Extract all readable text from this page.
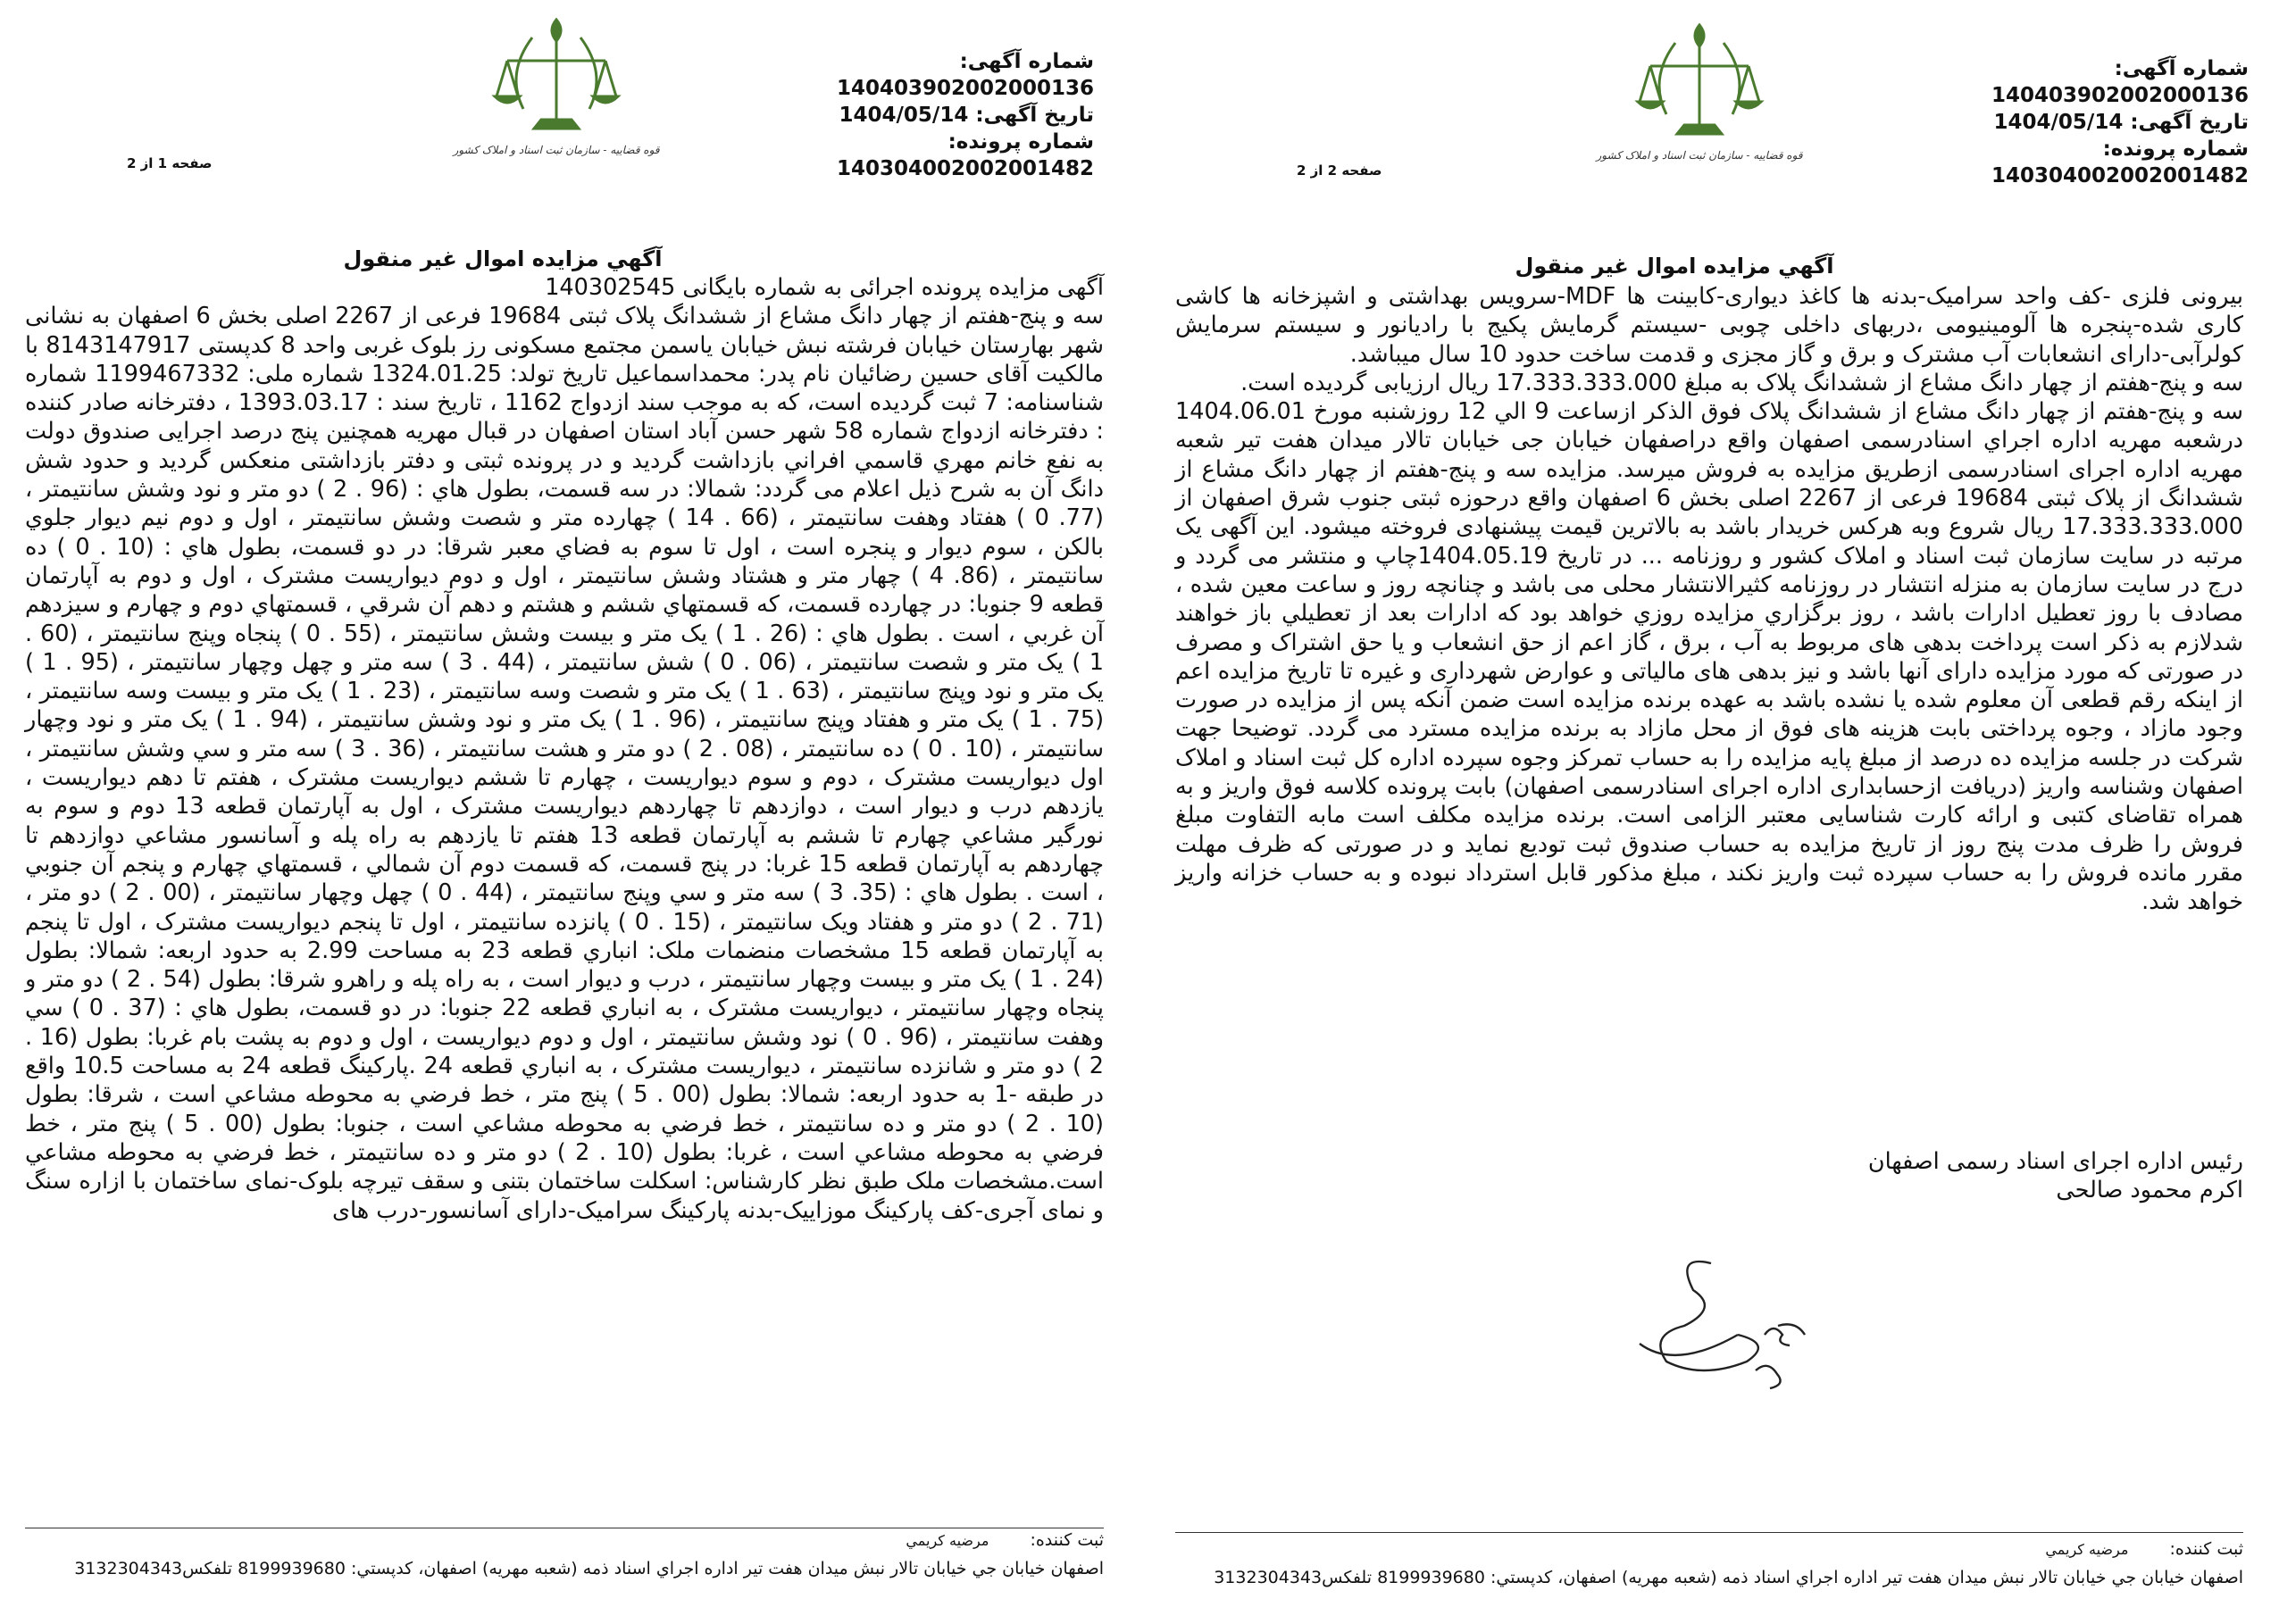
شماره آگهی: 140403902002000136
تاریخ آگهی: 1404/05/14
شماره پرونده: 140304002002001482
قوه قضاییه - سازمان ثبت اسناد و املاک کشور
صفحه 1 از 2
آگهي مزايده اموال غير منقول

آگهی مزايده پرونده اجرائی به شماره بايگانی 140302545

سه و پنج-هفتم از چهار دانگ مشاع از ششدانگ پلاک ثبتی 19684 فرعی از 2267 اصلی بخش 6 اصفهان به نشانی شهر بهارستان خیابان فرشته نبش خیابان یاسمن مجتمع مسکونی رز بلوک غربی واحد 8 کدپستی 8143147917 با مالکيت آقای حسين رضائيان نام پدر: محمداسماعيل تاريخ تولد: 1324.01.25 شماره ملی: 1199467332 شماره شناسنامه: 7 ثبت گرديده است، كه به موجب سند ازدواج 1162 ، تاريخ سند : 1393.03.17 ، دفترخانه صادر كننده : دفترخانه ازدواج شماره 58 شهر حسن آباد استان اصفهان در قبال مهريه همچنين پنج درصد اجرايی صندوق دولت به نفع خانم مهري قاسمي افراني بازداشت گرديد و در پرونده ثبتی و دفتر بازداشتی منعكس گرديد و حدود شش دانگ آن به شرح ذيل اعلام می گردد: شمالا: در سه قسمت، بطول هاي : (96 . 2 ) دو متر و نود وشش سانتيمتر ، (77. 0 ) هفتاد وهفت سانتيمتر ، (66 . 14 ) چهارده متر و شصت وشش سانتيمتر ، اول و دوم نيم ديوار جلوي بالكن ، سوم ديوار و پنجره است ، اول تا سوم به فضاي معبر شرقا: در دو قسمت، بطول هاي : (10 . 0 ) ده سانتيمتر ، (86. 4 ) چهار متر و هشتاد وشش سانتيمتر ، اول و دوم ديواريست مشترک ، اول و دوم به آپارتمان قطعه 9 جنوبا: در چهارده قسمت، كه قسمتهاي ششم و هشتم و دهم آن شرقي ، قسمتهاي دوم و چهارم و سيزدهم آن غربي ، است . بطول هاي : (26 . 1 ) يک متر و بيست وشش سانتيمتر ، (55 . 0 ) پنجاه وپنج سانتيمتر ، (60 . 1 ) يک متر و شصت سانتيمتر ، (06 . 0 ) شش سانتيمتر ، (44 . 3 ) سه متر و چهل وچهار سانتيمتر ، (95 . 1 ) يک متر و نود وپنج سانتيمتر ، (63 . 1 ) يک متر و شصت وسه سانتيمتر ، (23 . 1 ) يک متر و بيست وسه سانتيمتر ، (75 . 1 ) يک متر و هفتاد وپنج سانتيمتر ، (96 . 1 ) يک متر و نود وشش سانتيمتر ، (94 . 1 ) يک متر و نود وچهار سانتيمتر ، (10 . 0 ) ده سانتيمتر ، (08 . 2 ) دو متر و هشت سانتيمتر ، (36 . 3 ) سه متر و سي وشش سانتيمتر ، اول ديواريست مشترک ، دوم و سوم ديواريست ، چهارم تا ششم ديواريست مشترک ، هفتم تا دهم ديواريست ، يازدهم درب و ديوار است ، دوازدهم تا چهاردهم ديواريست مشترک ، اول به آپارتمان قطعه 13 دوم و سوم به نورگير مشاعي چهارم تا ششم به آپارتمان قطعه 13 هفتم تا يازدهم به راه پله و آسانسور مشاعي دوازدهم تا چهاردهم به آپارتمان قطعه 15 غربا: در پنج قسمت، كه قسمت دوم آن شمالي ، قسمتهاي چهارم و پنجم آن جنوبي ، است . بطول هاي : (35. 3 ) سه متر و سي وپنج سانتيمتر ، (44 . 0 ) چهل وچهار سانتيمتر ، (00 . 2 ) دو متر ، (71 . 2 ) دو متر و هفتاد ويک سانتيمتر ، (15 . 0 ) پانزده سانتيمتر ، اول تا پنجم ديواريست مشترک ، اول تا پنجم به آپارتمان قطعه 15 مشخصات منضمات ملک: انباري قطعه 23 به مساحت 2.99 به حدود اربعه: شمالا: بطول (24 . 1 ) يک متر و بيست وچهار سانتيمتر ، درب و ديوار است ، به راه پله و راهرو شرقا: بطول (54 . 2 ) دو متر و پنجاه وچهار سانتيمتر ، ديواريست مشترک ، به انباري قطعه 22 جنوبا: در دو قسمت، بطول هاي : (37 . 0 ) سي وهفت سانتيمتر ، (96 . 0 ) نود وشش سانتيمتر ، اول و دوم ديواريست ، اول و دوم به پشت بام غربا: بطول (16 . 2 ) دو متر و شانزده سانتيمتر ، ديواريست مشترک ، به انباري قطعه 24 .پاركينگ قطعه 24 به مساحت 10.5 واقع در طبقه -1 به حدود اربعه: شمالا: بطول (00 . 5 ) پنج متر ، خط فرضي به محوطه مشاعي است ، شرقا: بطول (10 . 2 ) دو متر و ده سانتيمتر ، خط فرضي به محوطه مشاعي است ، جنوبا: بطول (00 . 5 ) پنج متر ، خط فرضي به محوطه مشاعي است ، غربا: بطول (10 . 2 ) دو متر و ده سانتيمتر ، خط فرضي به محوطه مشاعي است.مشخصات ملک طبق نظر كارشناس: اسكلت ساختمان بتنی و سقف تيرچه بلوک-نمای ساختمان با ازاره سنگ و نمای آجری-كف پاركينگ موزاييک-بدنه پاركينگ سراميک-دارای آسانسور-درب های

ثبت كننده: مرضيه كريمي
اصفهان خيابان جي خيابان تالار نبش ميدان هفت تير اداره اجراي اسناد ذمه (شعبه مهريه) اصفهان، كدپستي: 8199939680 تلفكس3132304343
شماره آگهی: 140403902002000136
تاریخ آگهی: 1404/05/14
شماره پرونده: 140304002002001482
قوه قضاییه - سازمان ثبت اسناد و املاک کشور
صفحه 2 از 2
آگهي مزايده اموال غير منقول

بيرونی فلزی -كف واحد سراميک-بدنه ها كاغذ ديواری-كابينت ها MDF-سرويس بهداشتی و اشپزخانه ها كاشی كاری شده-پنجره ها آلومينيومی ،دربهای داخلی چوبی -سيستم گرمايش پكيج با راديانور و سيستم سرمايش كولرآبی-دارای انشعابات آب مشترک و برق و گاز مجزی و قدمت ساخت حدود 10 سال ميباشد.

سه و پنج-هفتم از چهار دانگ مشاع از ششدانگ پلاک به مبلغ 17.333.333.000 ريال ارزيابی گرديده است.

سه و پنج-هفتم از چهار دانگ مشاع از ششدانگ پلاک فوق الذكر ازساعت 9 الي 12 روزشنبه مورخ 1404.06.01 درشعبه مهريه اداره اجراي اسنادرسمی اصفهان واقع دراصفهان خيابان جی خيابان تالار ميدان هفت تير شعبه مهريه اداره اجرای اسنادرسمی ازطريق مزايده به فروش ميرسد. مزايده سه و پنج-هفتم از چهار دانگ مشاع از ششدانگ از پلاک ثبتی 19684 فرعی از 2267 اصلی بخش 6 اصفهان واقع درحوزه ثبتی جنوب شرق اصفهان از 17.333.333.000 ريال شروع وبه هركس خريدار باشد به بالاترين قيمت پيشنهادی فروخته ميشود. اين آگهی يک مرتبه در سايت سازمان ثبت اسناد و املاک كشور و روزنامه ... در تاريخ 1404.05.19چاپ و منتشر می گردد و درج در سايت سازمان به منزله انتشار در روزنامه كثيرالانتشار محلی می باشد و چنانچه روز و ساعت معين شده ، مصادف با روز تعطيل ادارات باشد ، روز برگزاري مزايده روزي خواهد بود كه ادارات بعد از تعطيلي باز خواهند شدلازم به ذكر است پرداخت بدهی های مربوط به آب ، برق ، گاز اعم از حق انشعاب و يا حق اشتراک و مصرف در صورتی كه مورد مزايده دارای آنها باشد و نيز بدهی های مالياتی و عوارض شهرداری و غيره تا تاريخ مزايده اعم از اينكه رقم قطعی آن معلوم شده يا نشده باشد به عهده برنده مزايده است ضمن آنكه پس از مزايده در صورت وجود مازاد ، وجوه پرداختی بابت هزينه های فوق از محل مازاد به برنده مزايده مسترد می گردد. توضيحا جهت شركت در جلسه مزايده ده درصد از مبلغ پايه مزايده را به حساب تمركز وجوه سپرده اداره كل ثبت اسناد و املاک اصفهان وشناسه واريز (دريافت ازحسابداری اداره اجرای اسنادرسمی اصفهان) بابت پرونده كلاسه فوق واريز و به همراه تقاضای كتبی و ارائه كارت شناسايی معتبر الزامی است. برنده مزايده مكلف است مابه التفاوت مبلغ فروش را ظرف مدت پنج روز از تاريخ مزايده به حساب صندوق ثبت توديع نمايد و در صورتی كه ظرف مهلت مقرر مانده فروش را به حساب سپرده ثبت واريز نكند ، مبلغ مذكور قابل استرداد نبوده و به حساب خزانه واريز خواهد شد.

رئيس اداره اجرای اسناد رسمی اصفهان
اكرم محمود صالحی
ثبت كننده: مرضيه كريمي
اصفهان خيابان جي خيابان تالار نبش ميدان هفت تير اداره اجراي اسناد ذمه (شعبه مهريه) اصفهان، كدپستي: 8199939680 تلفكس3132304343
